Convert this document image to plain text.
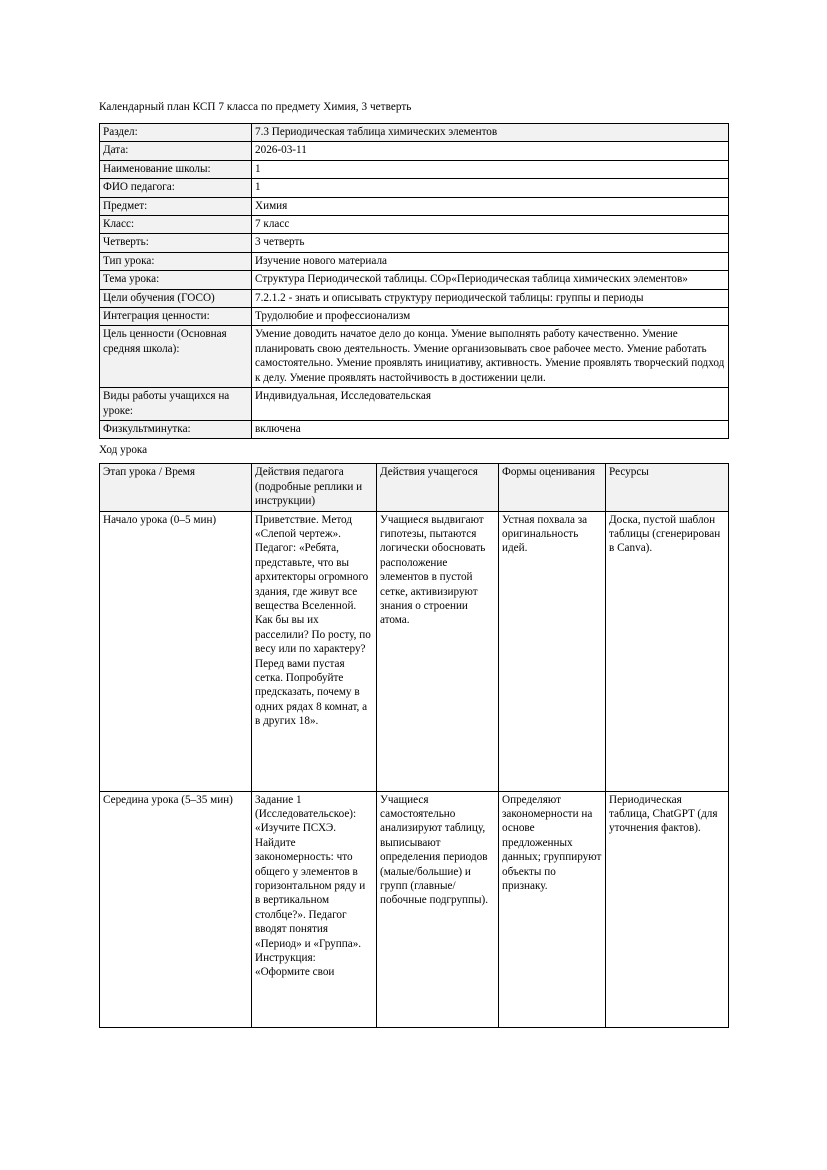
Календарный план КСП 7 класса по предмету Химия, 3 четверть

Раздел:	7.3 Периодическая таблица химических элементов
Дата:	2026-03-11
Наименование школы:	1
ФИО педагога:	1
Предмет:	Химия
Класс:	7 класс
Четверть:	3 четверть
Тип урока:	Изучение нового материала
Тема урока:	Структура Периодической таблицы. СОр«Периодическая таблица химических элементов»
Цели обучения (ГОСО)	7.2.1.2 - знать и описывать структуру периодической таблицы: группы и периоды
Интеграция ценности:	Трудолюбие и профессионализм
Цель ценности (Основная средняя школа):	Умение доводить начатое дело до конца. Умение выполнять работу качественно. Умение планировать свою деятельность. Умение организовывать свое рабочее место. Умение работать самостоятельно. Умение проявлять инициативу, активность. Умение проявлять творческий подход к делу. Умение проявлять настойчивость в достижении цели.
Виды работы учащихся на уроке:	Индивидуальная, Исследовательская
Физкультминутка:	включена

Ход урока

Этап урока / Время	Действия педагога (подробные реплики и инструкции)	Действия учащегося	Формы оценивания	Ресурсы
Начало урока (0–5 мин)	Приветствие. Метод «Слепой чертеж». Педагог: «Ребята, представьте, что вы архитекторы огромного здания, где живут все вещества Вселенной. Как бы вы их расселили? По росту, по весу или по характеру? Перед вами пустая сетка. Попробуйте предсказать, почему в одних рядах 8 комнат, а в других 18».	Учащиеся выдвигают гипотезы, пытаются логически обосновать расположение элементов в пустой сетке, активизируют знания о строении атома.	Устная похвала за оригинальность идей.	Доска, пустой шаблон таблицы (сгенерирован в Canva).
Середина урока (5–35 мин)	Задание 1 (Исследовательское): «Изучите ПСХЭ. Найдите закономерность: что общего у элементов в горизонтальном ряду и в вертикальном столбце?». Педагог вводят понятия «Период» и «Группа». Инструкция: «Оформите свои	Учащиеся самостоятельно анализируют таблицу, выписывают определения периодов (малые/большие) и групп (главные/побочные подгруппы).	Определяют закономерности на основе предложенных данных; группируют объекты по признаку.	Периодическая таблица, ChatGPT (для уточнения фактов).
